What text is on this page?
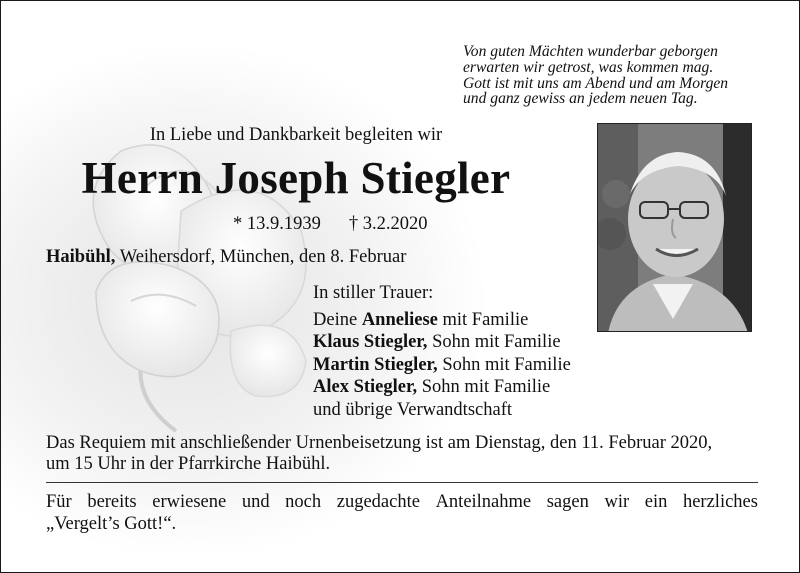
Von guten Mächten wunderbar geborgen
erwarten wir getrost, was kommen mag.
Gott ist mit uns am Abend und am Morgen
und ganz gewiss an jedem neuen Tag.
In Liebe und Dankbarkeit begleiten wir
Herrn Joseph Stiegler
* 13.9.1939 † 3.2.2020
Haibühl, Weihersdorf, München, den 8. Februar
In stiller Trauer:
Deine Anneliese mit Familie
Klaus Stiegler, Sohn mit Familie
Martin Stiegler, Sohn mit Familie
Alex Stiegler, Sohn mit Familie
und übrige Verwandtschaft
Das Requiem mit anschließender Urnenbeisetzung ist am Dienstag, den 11. Februar 2020,
um 15 Uhr in der Pfarrkirche Haibühl.
Für bereits erwiesene und noch zugedachte Anteilnahme sagen wir ein herzliches
„Vergelt’s Gott!“.
